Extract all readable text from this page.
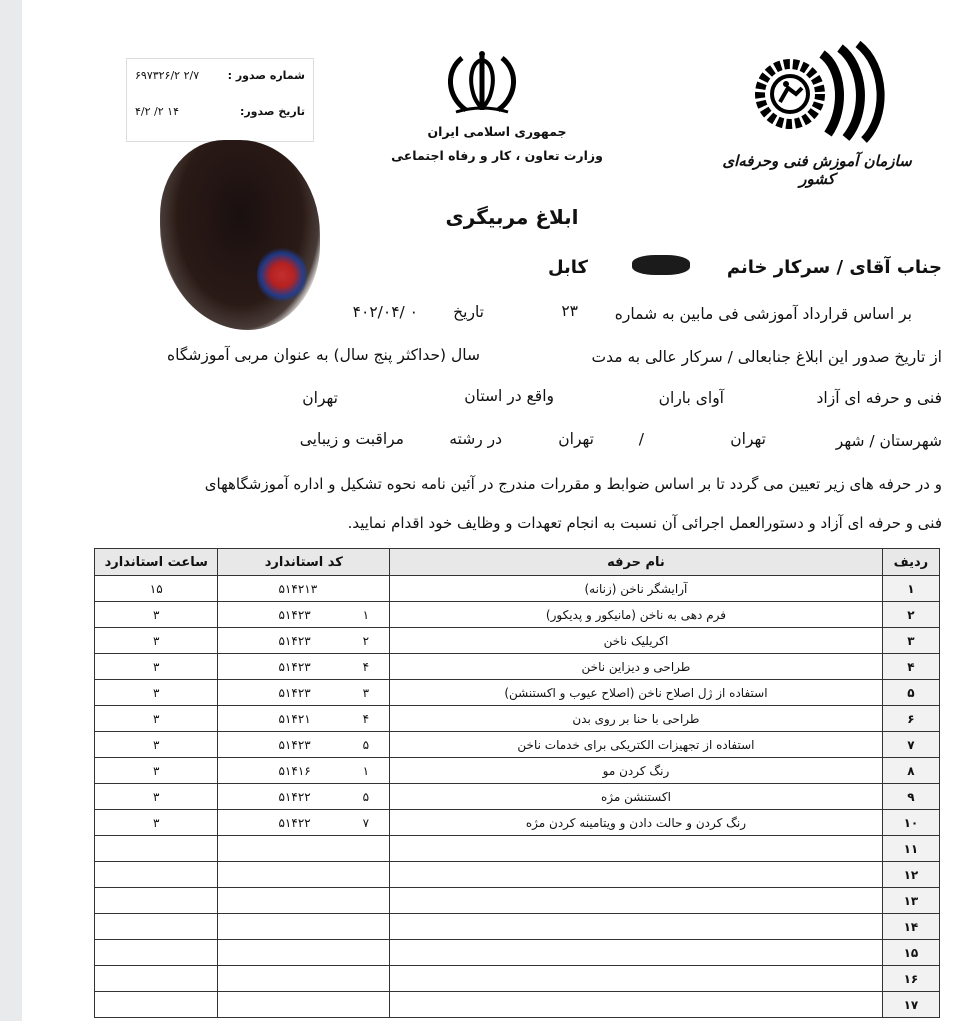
شماره صدور :
۲/۷ ۶۹۷۳۲۶/۲
تاریخ صدور:
۱۴ ۲/ ۴/۲
جمهوری اسلامی ایران
وزارت تعاون ، کار و رفاه اجتماعی	سازمان آموزش فنی وحرفه‌ای کشور
ابلاغ مربیگری
جناب آقای / سرکار خانم
کابل
بر اساس قرارداد آموزشی فی مابین به شماره
۲۳
تاریخ
۴۰۲/۰۴/ ۰
از تاریخ صدور این ابلاغ جنابعالی / سرکار عالی به مدت
سال (حداکثر پنج سال) به عنوان مربی آموزشگاه
فنی و حرفه ای آزاد
آوای باران
واقع در استان
تهران
شهرستان / شهر
تهران
/
تهران
در رشته
مراقبت و زیبایی
و در حرفه های زیر تعیین می گردد تا بر اساس ضوابط و مقررات مندرج در آئین نامه نحوه تشکیل و اداره آموزشگاههای
فنی و حرفه ای آزاد و دستورالعمل اجرائی آن نسبت به انجام تعهدات و وظایف خود اقدام نمایید.
ردیف	نام حرفه	کد استاندارد	ساعت استاندارد
۱	آرایشگر ناخن (زنانه)	۵۱۴۲۱۳	۱۵
۲	فرم دهی به ناخن (مانیکور و پدیکور)	۵۱۴۲۳ ۱	۳
۳	اکریلیک ناخن	۵۱۴۲۳ ۲	۳
۴	طراحی و دیزاین ناخن	۵۱۴۲۳ ۴	۳
۵	استفاده از ژل اصلاح ناخن (اصلاح عیوب و اکستنشن)	۵۱۴۲۳ ۳	۳
۶	طراحی با حنا بر روی بدن	۵۱۴۲۱ ۴	۳
۷	استفاده از تجهیزات الکتریکی برای خدمات ناخن	۵۱۴۲۳ ۵	۳
۸	رنگ کردن مو	۵۱۴۱۶ ۱	۳
۹	اکستنشن مژه	۵۱۴۲۲ ۵	۳
۱۰	رنگ کردن و حالت دادن و ویتامینه کردن مژه	۵۱۴۲۲ ۷	۳
۱۱		

۱۲		

۱۳		

۱۴		

۱۵		

۱۶		

۱۷		
